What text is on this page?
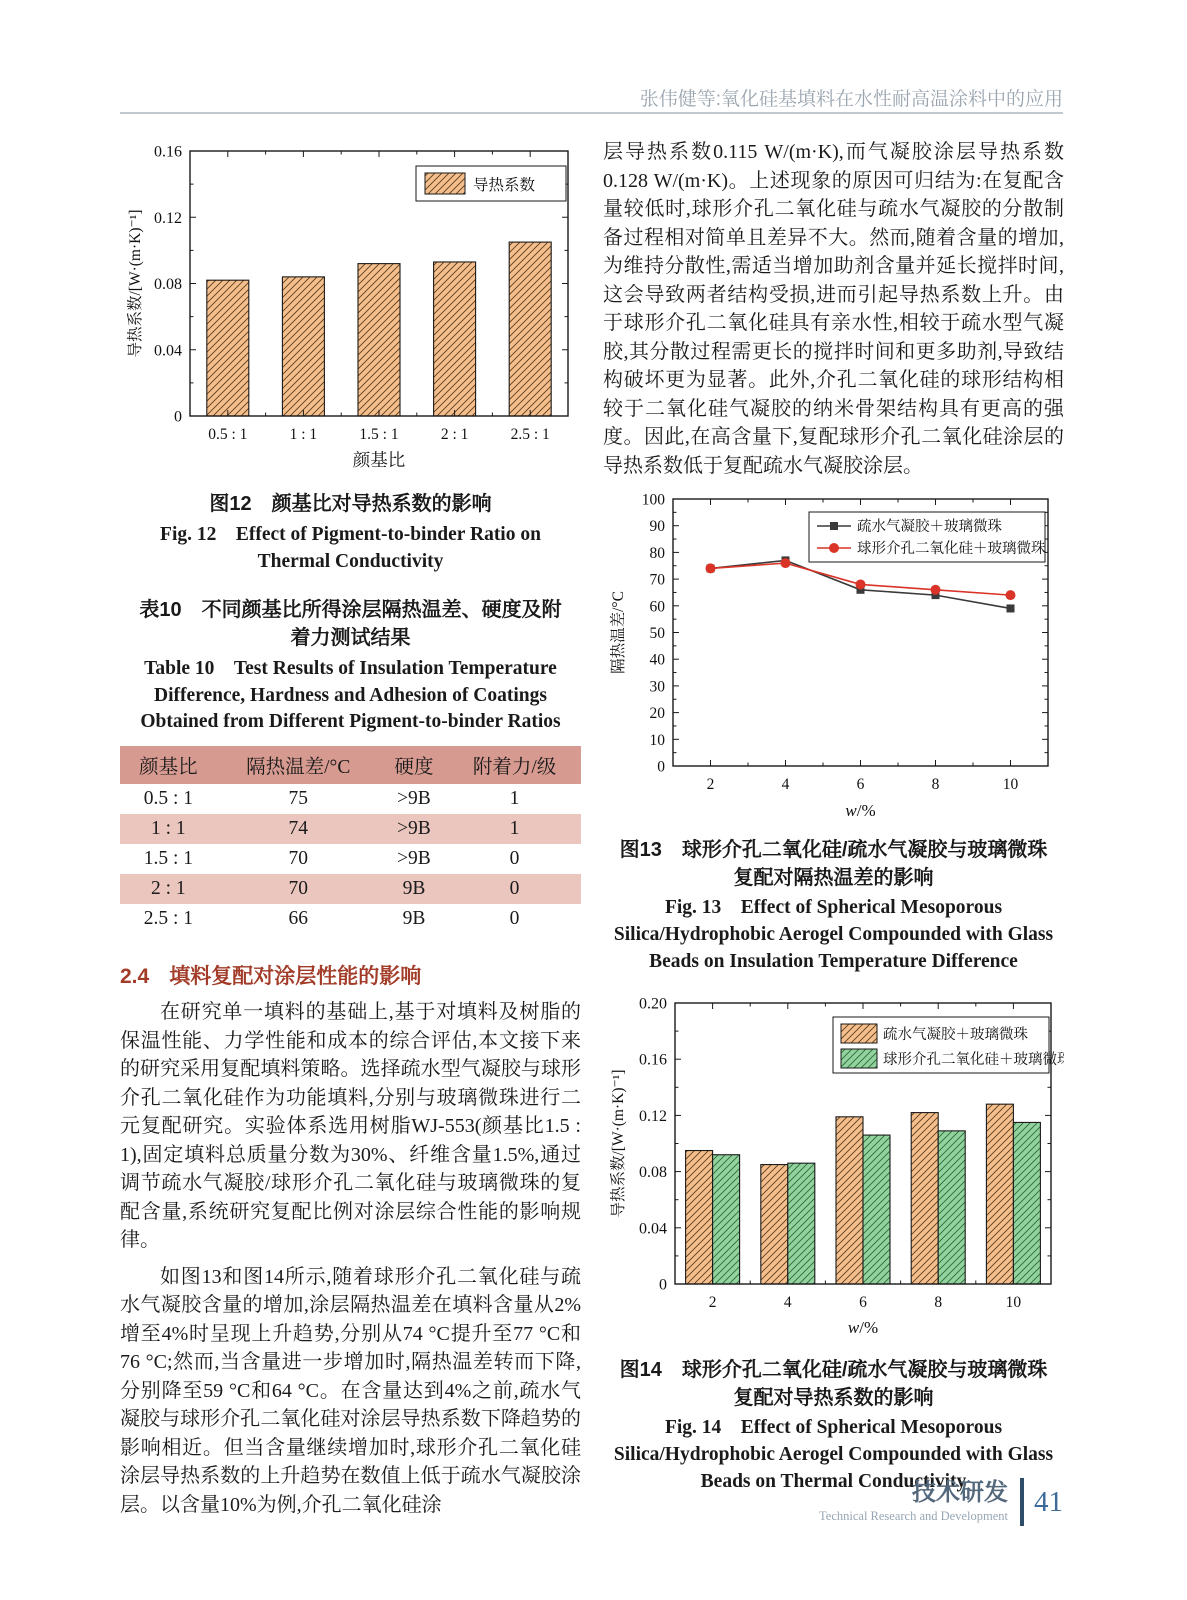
张伟健等:氧化硅基填料在水性耐高温涂料中的应用
0
0.04
0.08
0.12
0.16
0.5 : 1	1 : 1	1.5 : 1	2 : 1	2.5 : 1
颜基比
导热系数/[W·(m·K)⁻¹]
导热系数

图12　颜基比对导热系数的影响

Fig. 12　Effect of Pigment-to-binder Ratio on Thermal Conductivity

表10　不同颜基比所得涂层隔热温差、硬度及附着力测试结果

Table 10　Test Results of Insulation Temperature Difference, Hardness and Adhesion of Coatings Obtained from Different Pigment-to-binder Ratios

颜基比	隔热温差/°C	硬度	附着力/级
0.5 : 1	75	>9B	1
1 : 1	74	>9B	1
1.5 : 1	70	>9B	0
2 : 1	70	9B	0
2.5 : 1	66	9B	0
2.4 填料复配对涂层性能的影响

在研究单一填料的基础上,基于对填料及树脂的保温性能、力学性能和成本的综合评估,本文接下来的研究采用复配填料策略。选择疏水型气凝胶与球形介孔二氧化硅作为功能填料,分别与玻璃微珠进行二元复配研究。实验体系选用树脂WJ-553(颜基比1.5 : 1),固定填料总质量分数为30%、纤维含量1.5%,通过调节疏水气凝胶/球形介孔二氧化硅与玻璃微珠的复配含量,系统研究复配比例对涂层综合性能的影响规律。

如图13和图14所示,随着球形介孔二氧化硅与疏水气凝胶含量的增加,涂层隔热温差在填料含量从2%增至4%时呈现上升趋势,分别从74 °C提升至77 °C和76 °C;然而,当含量进一步增加时,隔热温差转而下降,分别降至59 °C和64 °C。在含量达到4%之前,疏水气凝胶与球形介孔二氧化硅对涂层导热系数下降趋势的影响相近。但当含量继续增加时,球形介孔二氧化硅涂层导热系数的上升趋势在数值上低于疏水气凝胶涂层。以含量10%为例,介孔二氧化硅涂

层导热系数0.115 W/(m·K),而气凝胶涂层导热系数0.128 W/(m·K)。上述现象的原因可归结为:在复配含量较低时,球形介孔二氧化硅与疏水气凝胶的分散制备过程相对简单且差异不大。然而,随着含量的增加,为维持分散性,需适当增加助剂含量并延长搅拌时间,这会导致两者结构受损,进而引起导热系数上升。由于球形介孔二氧化硅具有亲水性,相较于疏水型气凝胶,其分散过程需更长的搅拌时间和更多助剂,导致结构破坏更为显著。此外,介孔二氧化硅的球形结构相较于二氧化硅气凝胶的纳米骨架结构具有更高的强度。因此,在高含量下,复配球形介孔二氧化硅涂层的导热系数低于复配疏水气凝胶涂层。

0
10
20
30
40
50
60
70
80
90
100
2	4	6	8	10
w/%
隔热温差/°C
疏水气凝胶＋玻璃微珠
球形介孔二氧化硅＋玻璃微珠

图13　球形介孔二氧化硅/疏水气凝胶与玻璃微珠复配对隔热温差的影响

Fig. 13　Effect of Spherical Mesoporous Silica/Hydrophobic Aerogel Compounded with Glass Beads on Insulation Temperature Difference

0
0.04
0.08
0.12
0.16
0.20
2	4	6	8	10
w/%
导热系数/[W·(m·K)⁻¹]
疏水气凝胶＋玻璃微珠
球形介孔二氧化硅＋玻璃微珠

图14　球形介孔二氧化硅/疏水气凝胶与玻璃微珠复配对导热系数的影响

Fig. 14　Effect of Spherical Mesoporous Silica/Hydrophobic Aerogel Compounded with Glass Beads on Thermal Conductivity

技术研发
Technical Research and Development 41
